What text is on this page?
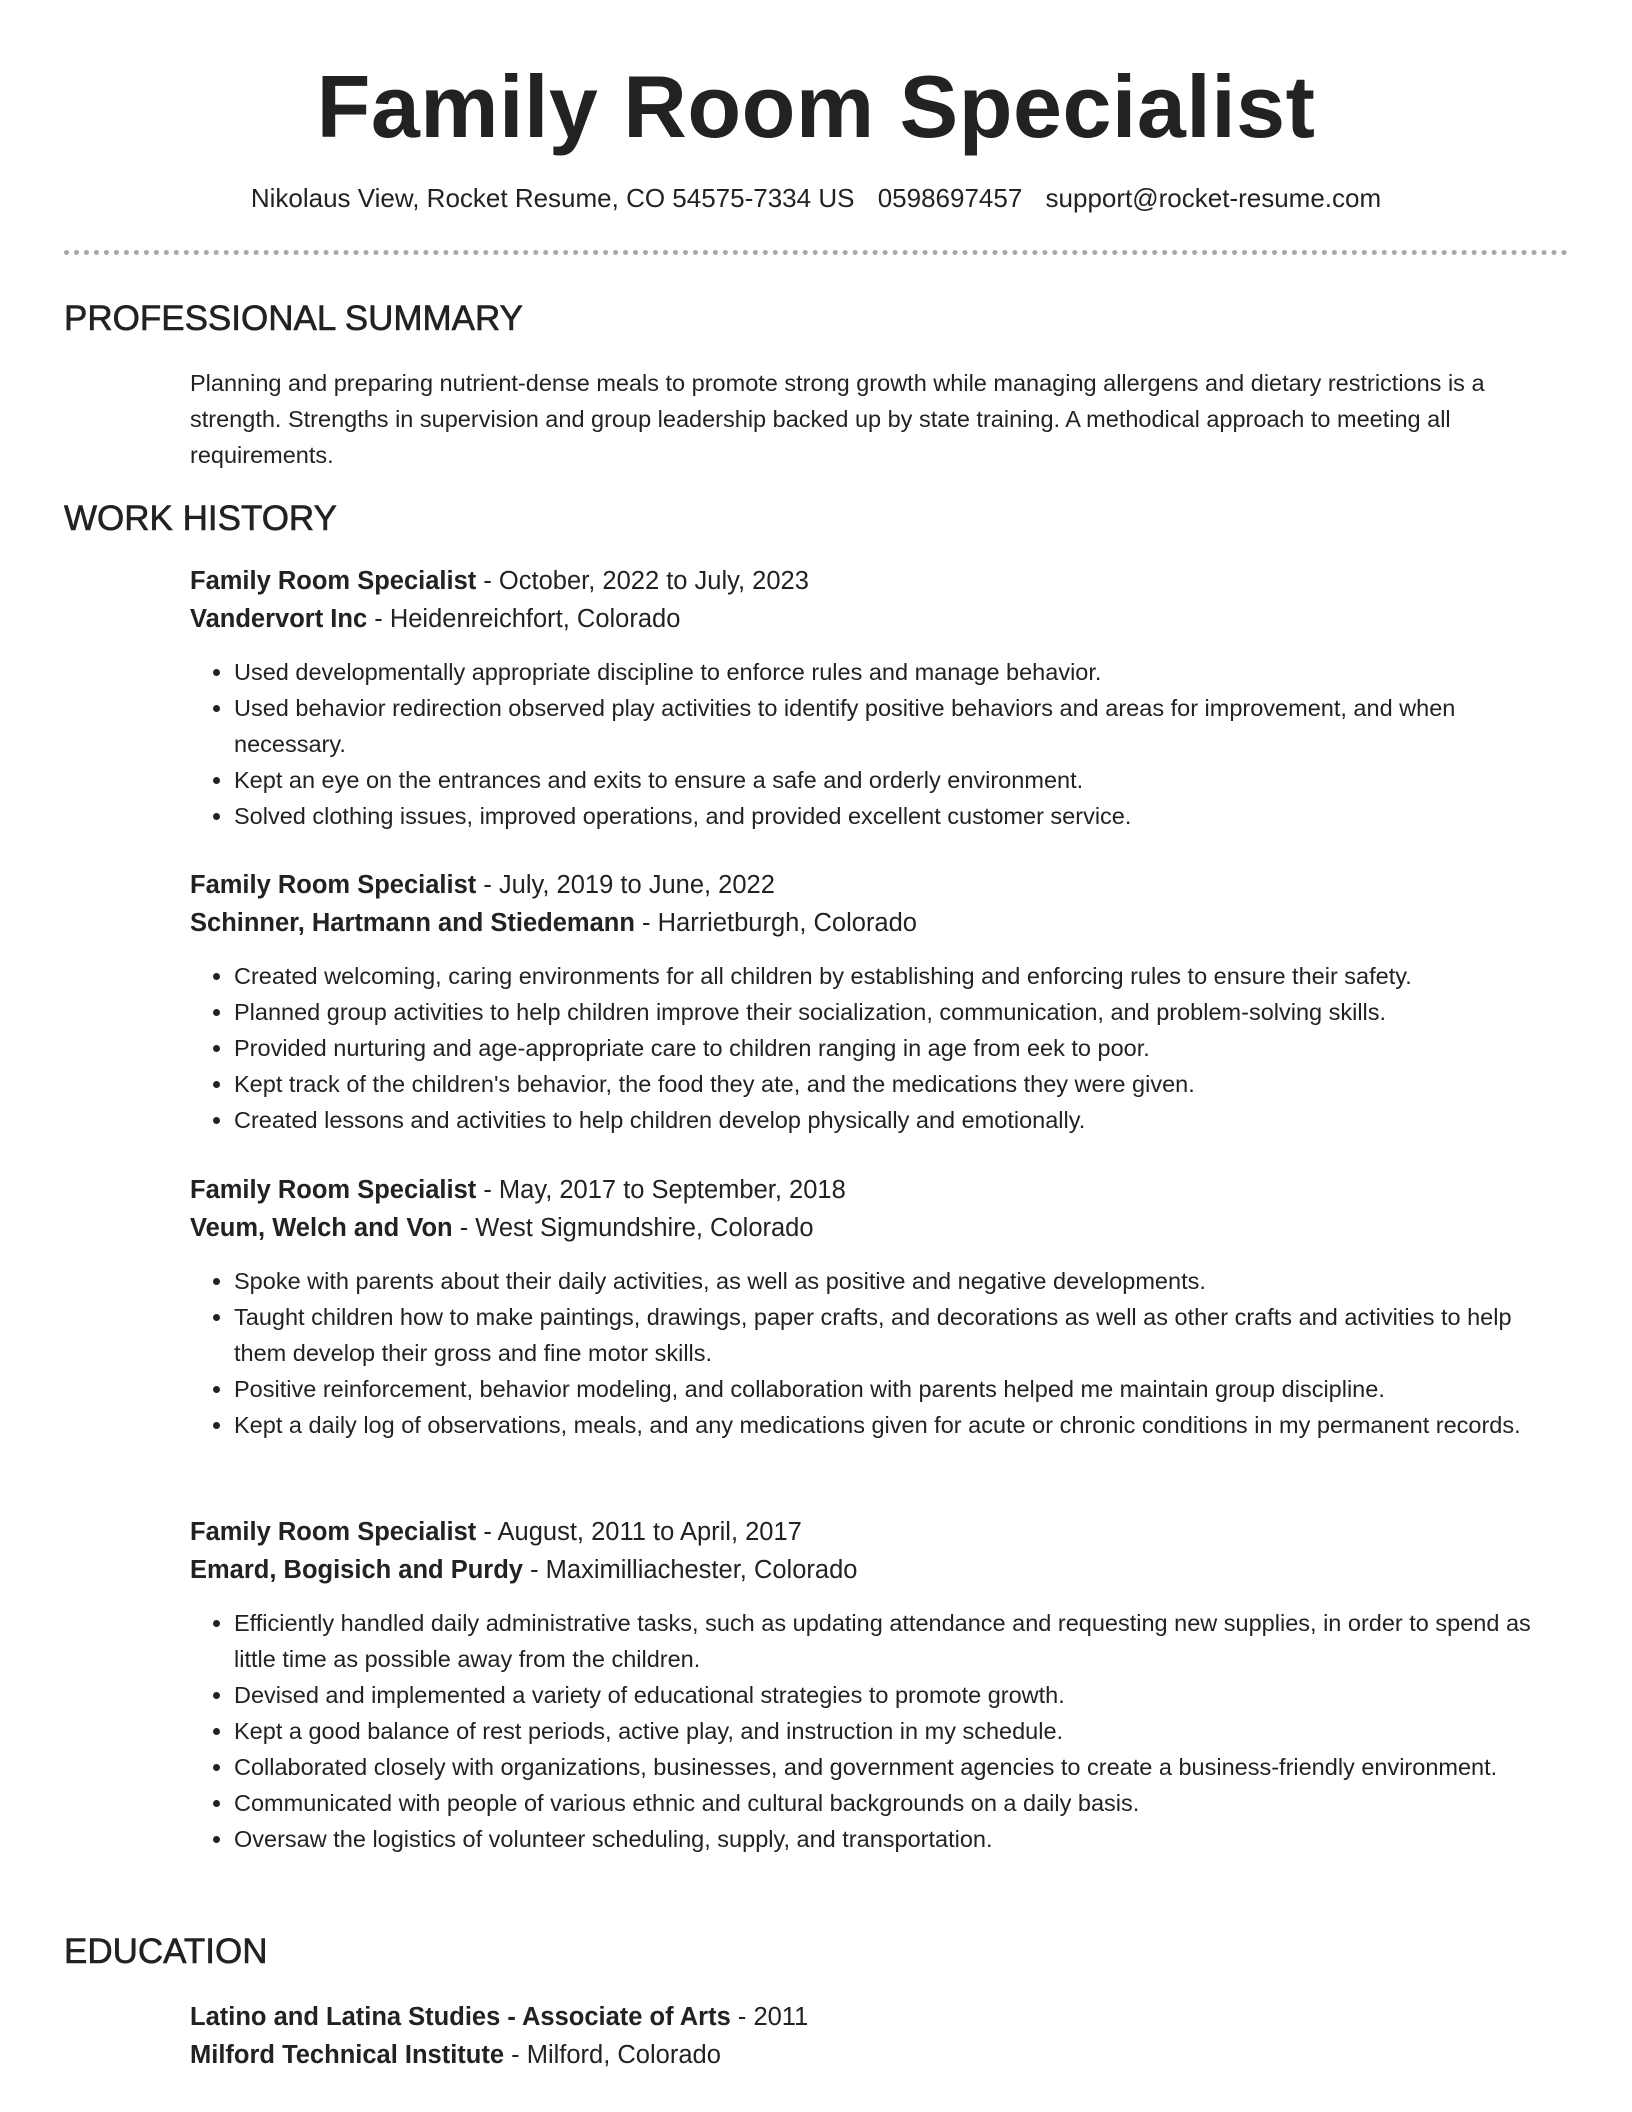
Family Room Specialist
Nikolaus View, Rocket Resume, CO 54575-7334 US 0598697457 support@rocket-resume.com
PROFESSIONAL SUMMARY
Planning and preparing nutrient-dense meals to promote strong growth while managing allergens and dietary restrictions is a strength. Strengths in supervision and group leadership backed up by state training. A methodical approach to meeting all requirements.
WORK HISTORY
Family Room Specialist - October, 2022 to July, 2023
Vandervort Inc - Heidenreichfort, Colorado
• Used developmentally appropriate discipline to enforce rules and manage behavior.
• Used behavior redirection observed play activities to identify positive behaviors and areas for improvement, and when necessary.
• Kept an eye on the entrances and exits to ensure a safe and orderly environment.
• Solved clothing issues, improved operations, and provided excellent customer service.
Family Room Specialist - July, 2019 to June, 2022
Schinner, Hartmann and Stiedemann - Harrietburgh, Colorado
• Created welcoming, caring environments for all children by establishing and enforcing rules to ensure their safety.
• Planned group activities to help children improve their socialization, communication, and problem-solving skills.
• Provided nurturing and age-appropriate care to children ranging in age from eek to poor.
• Kept track of the children's behavior, the food they ate, and the medications they were given.
• Created lessons and activities to help children develop physically and emotionally.
Family Room Specialist - May, 2017 to September, 2018
Veum, Welch and Von - West Sigmundshire, Colorado
• Spoke with parents about their daily activities, as well as positive and negative developments.
• Taught children how to make paintings, drawings, paper crafts, and decorations as well as other crafts and activities to help them develop their gross and fine motor skills.
• Positive reinforcement, behavior modeling, and collaboration with parents helped me maintain group discipline.
• Kept a daily log of observations, meals, and any medications given for acute or chronic conditions in my permanent records.
Family Room Specialist - August, 2011 to April, 2017
Emard, Bogisich and Purdy - Maximilliachester, Colorado
• Efficiently handled daily administrative tasks, such as updating attendance and requesting new supplies, in order to spend as little time as possible away from the children.
• Devised and implemented a variety of educational strategies to promote growth.
• Kept a good balance of rest periods, active play, and instruction in my schedule.
• Collaborated closely with organizations, businesses, and government agencies to create a business-friendly environment.
• Communicated with people of various ethnic and cultural backgrounds on a daily basis.
• Oversaw the logistics of volunteer scheduling, supply, and transportation.
EDUCATION
Latino and Latina Studies - Associate of Arts - 2011
Milford Technical Institute - Milford, Colorado
